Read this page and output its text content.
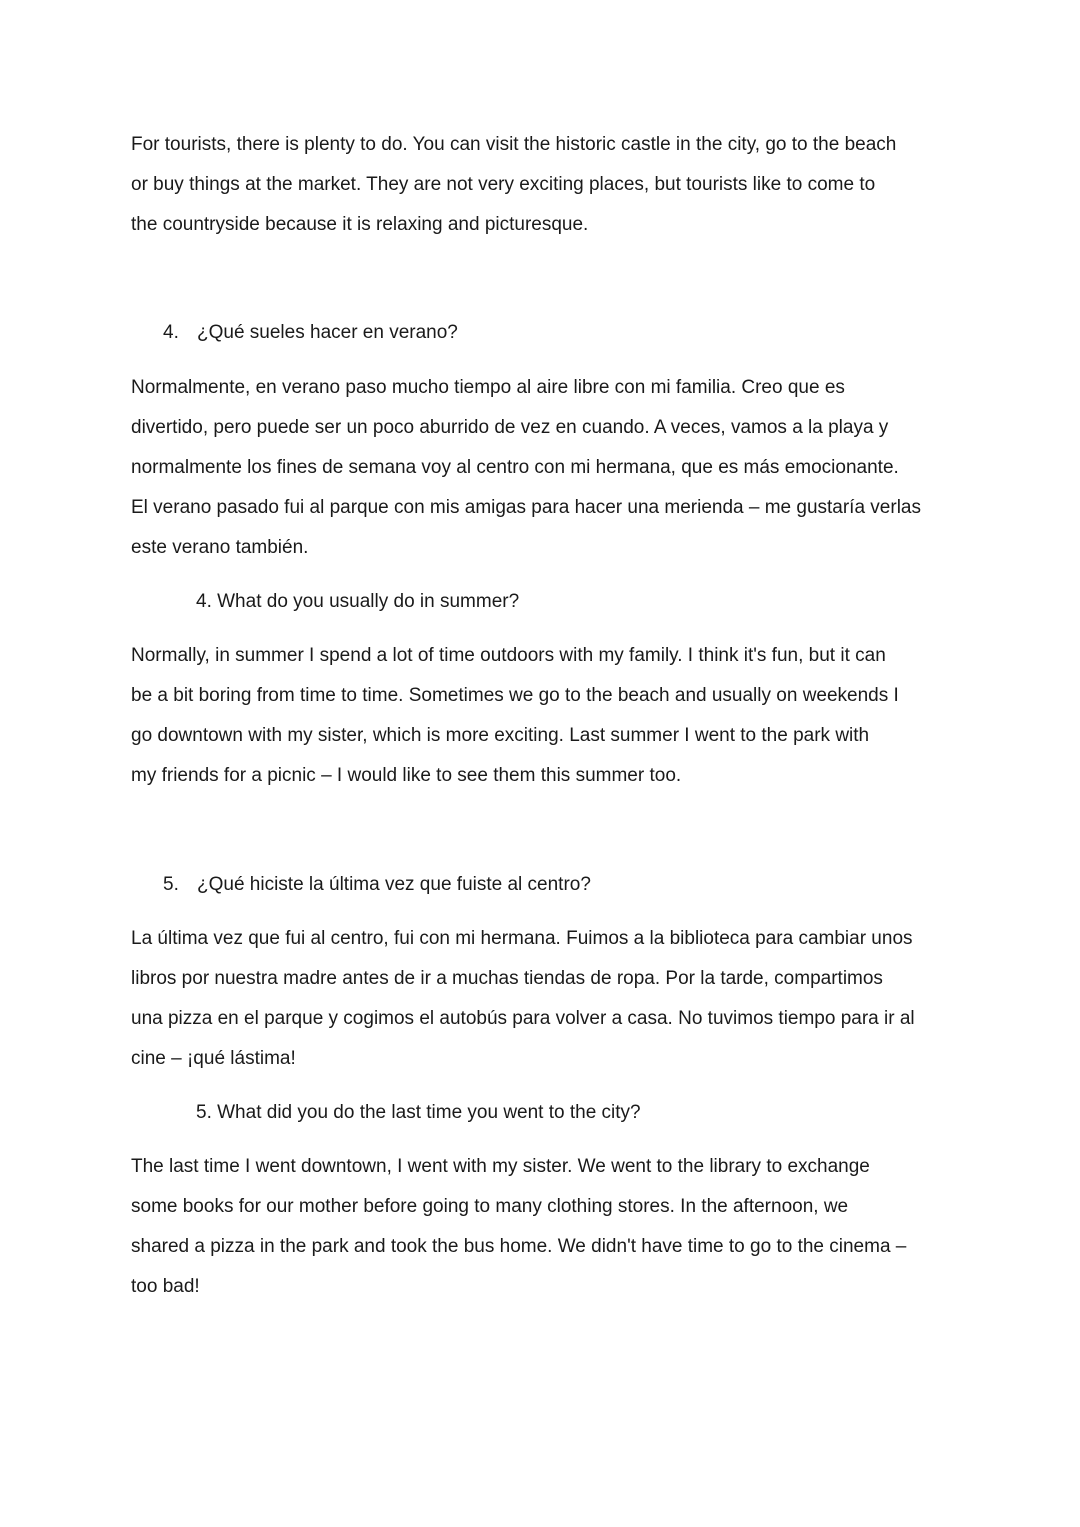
For tourists, there is plenty to do. You can visit the historic castle in the city, go to the beach
or buy things at the market. They are not very exciting places, but tourists like to come to
the countryside because it is relaxing and picturesque.

4. ¿Qué sueles hacer en verano?

Normalmente, en verano paso mucho tiempo al aire libre con mi familia. Creo que es
divertido, pero puede ser un poco aburrido de vez en cuando. A veces, vamos a la playa y
normalmente los fines de semana voy al centro con mi hermana, que es más emocionante.
El verano pasado fui al parque con mis amigas para hacer una merienda – me gustaría verlas
este verano también.

4. What do you usually do in summer?

Normally, in summer I spend a lot of time outdoors with my family. I think it's fun, but it can
be a bit boring from time to time. Sometimes we go to the beach and usually on weekends I
go downtown with my sister, which is more exciting. Last summer I went to the park with
my friends for a picnic – I would like to see them this summer too.

5. ¿Qué hiciste la última vez que fuiste al centro?

La última vez que fui al centro, fui con mi hermana. Fuimos a la biblioteca para cambiar unos
libros por nuestra madre antes de ir a muchas tiendas de ropa. Por la tarde, compartimos
una pizza en el parque y cogimos el autobús para volver a casa. No tuvimos tiempo para ir al
cine – ¡qué lástima!

5. What did you do the last time you went to the city?

The last time I went downtown, I went with my sister. We went to the library to exchange
some books for our mother before going to many clothing stores. In the afternoon, we
shared a pizza in the park and took the bus home. We didn't have time to go to the cinema –
too bad!
